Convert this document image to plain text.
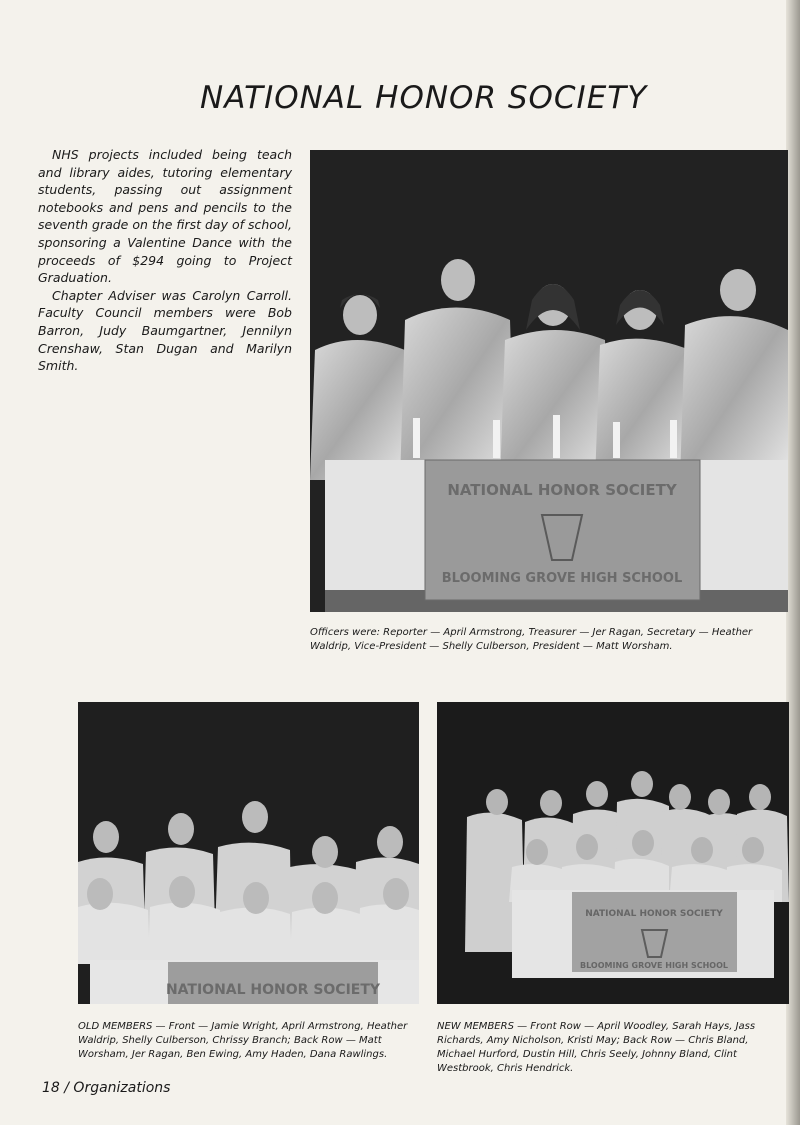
NATIONAL HONOR SOCIETY

NHS projects included being teach and library aides, tutoring elementary students, passing out assignment notebooks and pens and pencils to the seventh grade on the first day of school, sponsoring a Valentine Dance with the proceeds of $294 going to Project Graduation.

Chapter Adviser was Carolyn Carroll. Faculty Council members were Bob Barron, Judy Baumgartner, Jennilyn Crenshaw, Stan Dugan and Marilyn Smith.

NATIONAL HONOR SOCIETY
BLOOMING GROVE HIGH SCHOOL

Officers were: Reporter — April Armstrong, Treasurer — Jer Ragan, Secretary — Heather Waldrip, Vice-President — Shelly Culberson, President — Matt Worsham.

NATIONAL HONOR SOCIETY

OLD MEMBERS — Front — Jamie Wright, April Armstrong, Heather Waldrip, Shelly Culberson, Chrissy Branch; Back Row — Matt Worsham, Jer Ragan, Ben Ewing, Amy Haden, Dana Rawlings.

NATIONAL HONOR SOCIETY
BLOOMING GROVE HIGH SCHOOL

NEW MEMBERS — Front Row — April Woodley, Sarah Hays, Jass Richards, Amy Nicholson, Kristi May; Back Row — Chris Bland, Michael Hurford, Dustin Hill, Chris Seely, Johnny Bland, Clint Westbrook, Chris Hendrick.

18 / Organizations
